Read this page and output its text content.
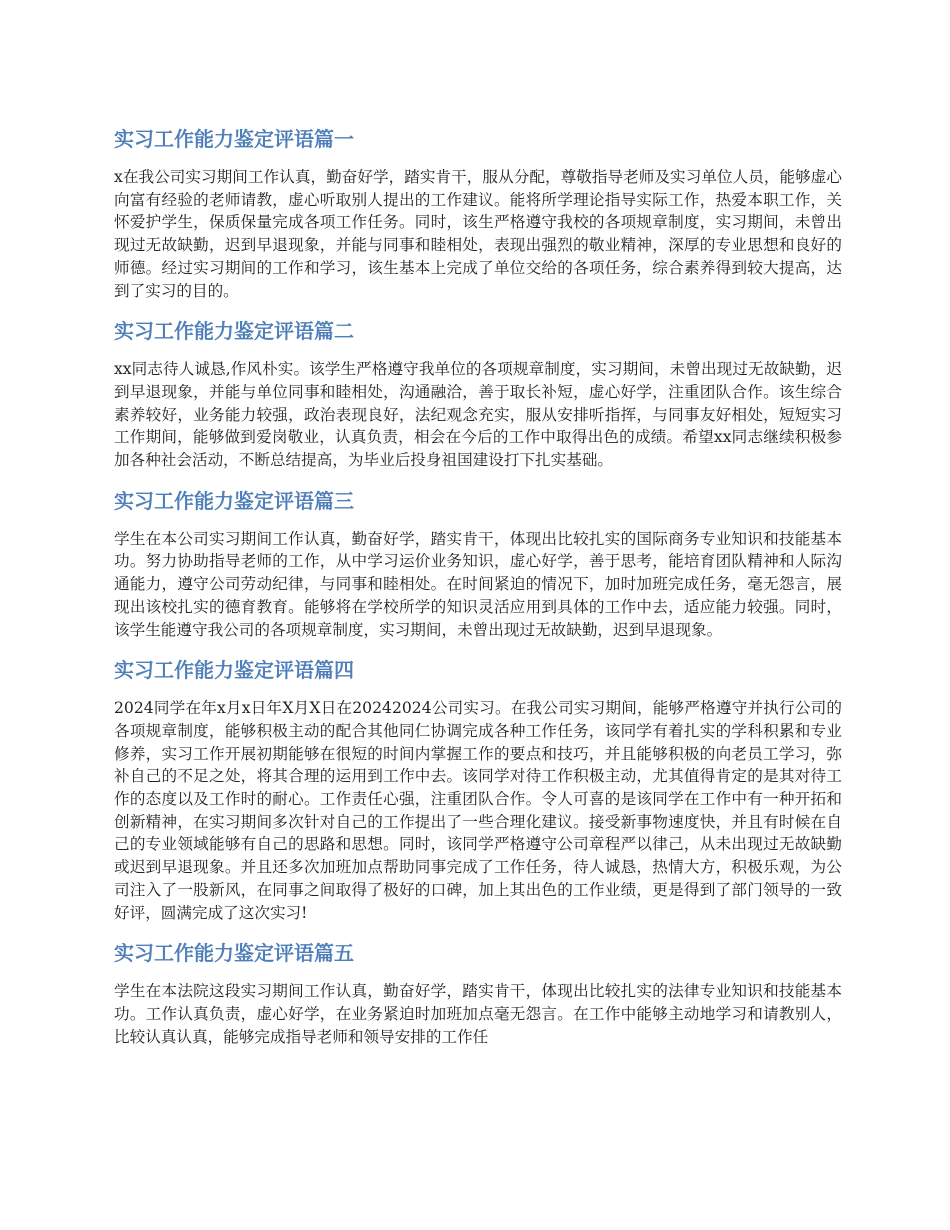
实习工作能力鉴定评语篇一
x在我公司实习期间工作认真，勤奋好学，踏实肯干，服从分配，尊敬指导老师及实习单位人员，能够虚心向富有经验的老师请教，虚心听取别人提出的工作建议。能将所学理论指导实际工作，热爱本职工作，关怀爱护学生，保质保量完成各项工作任务。同时，该生严格遵守我校的各项规章制度，实习期间，未曾出现过无故缺勤，迟到早退现象，并能与同事和睦相处，表现出强烈的敬业精神，深厚的专业思想和良好的师德。经过实习期间的工作和学习，该生基本上完成了单位交给的各项任务，综合素养得到较大提高，达到了实习的目的。
实习工作能力鉴定评语篇二
xx同志待人诚恳,作风朴实。该学生严格遵守我单位的各项规章制度，实习期间，未曾出现过无故缺勤，迟到早退现象，并能与单位同事和睦相处，沟通融洽，善于取长补短，虚心好学，注重团队合作。该生综合素养较好，业务能力较强，政治表现良好，法纪观念充实，服从安排听指挥，与同事友好相处，短短实习工作期间，能够做到爱岗敬业，认真负责，相会在今后的工作中取得出色的成绩。希望xx同志继续积极参加各种社会活动，不断总结提高，为毕业后投身祖国建设打下扎实基础。
实习工作能力鉴定评语篇三
学生在本公司实习期间工作认真，勤奋好学，踏实肯干，体现出比较扎实的国际商务专业知识和技能基本功。努力协助指导老师的工作，从中学习运价业务知识，虚心好学，善于思考，能培育团队精神和人际沟通能力，遵守公司劳动纪律，与同事和睦相处。在时间紧迫的情况下，加时加班完成任务，毫无怨言，展现出该校扎实的德育教育。能够将在学校所学的知识灵活应用到具体的工作中去，适应能力较强。同时，该学生能遵守我公司的各项规章制度，实习期间，未曾出现过无故缺勤，迟到早退现象。
实习工作能力鉴定评语篇四
2024同学在年x月x日年X月X日在20242024公司实习。在我公司实习期间，能够严格遵守并执行公司的各项规章制度，能够积极主动的配合其他同仁协调完成各种工作任务，该同学有着扎实的学科积累和专业修养，实习工作开展初期能够在很短的时间内掌握工作的要点和技巧，并且能够积极的向老员工学习，弥补自己的不足之处，将其合理的运用到工作中去。该同学对待工作积极主动，尤其值得肯定的是其对待工作的态度以及工作时的耐心。工作责任心强，注重团队合作。令人可喜的是该同学在工作中有一种开拓和创新精神，在实习期间多次针对自己的工作提出了一些合理化建议。接受新事物速度快，并且有时候在自己的专业领域能够有自己的思路和思想。同时，该同学严格遵守公司章程严以律己，从未出现过无故缺勤或迟到早退现象。并且还多次加班加点帮助同事完成了工作任务，待人诚恳，热情大方，积极乐观，为公司注入了一股新风，在同事之间取得了极好的口碑，加上其出色的工作业绩，更是得到了部门领导的一致好评，圆满完成了这次实习!
实习工作能力鉴定评语篇五
学生在本法院这段实习期间工作认真，勤奋好学，踏实肯干，体现出比较扎实的法律专业知识和技能基本功。工作认真负责，虚心好学，在业务紧迫时加班加点毫无怨言。在工作中能够主动地学习和请教别人，比较认真认真，能够完成指导老师和领导安排的工作任
